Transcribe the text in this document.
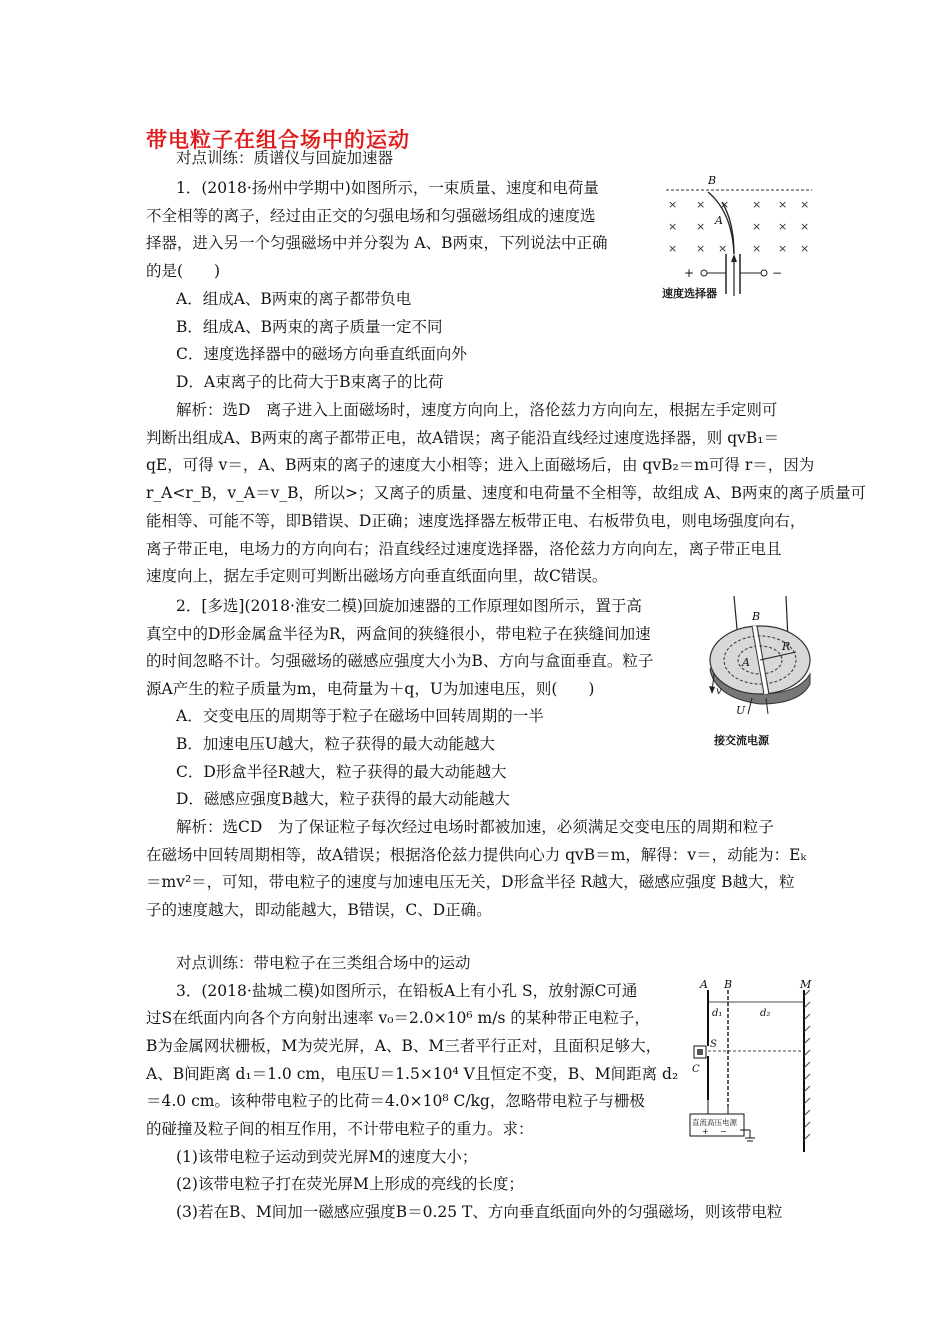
带电粒子在组合场中的运动
对点训练：质谱仪与回旋加速器
1．(2018·扬州中学期中)如图所示，一束质量、速度和电荷量
不全相等的离子，经过由正交的匀强电场和匀强磁场组成的速度选
择器，进入另一个匀强磁场中并分裂为 A、B两束，下列说法中正确
的是(　　)
A．组成A、B两束的离子都带负电
B．组成A、B两束的离子质量一定不同
C．速度选择器中的磁场方向垂直纸面向外
D．A束离子的比荷大于B束离子的比荷
解析：选D　离子进入上面磁场时，速度方向向上，洛伦兹力方向向左，根据左手定则可
判断出组成A、B两束的离子都带正电，故A错误；离子能沿直线经过速度选择器，则 qvB₁＝
qE，可得 v＝，A、B两束的离子的速度大小相等；进入上面磁场后，由 qvB₂＝m可得 r＝，因为
r_A<r_B，v_A＝v_B，所以>；又离子的质量、速度和电荷量不全相等，故组成 A、B两束的离子质量可
能相等、可能不等，即B错误、D正确；速度选择器左板带正电、右板带负电，则电场强度向右，
离子带正电，电场力的方向向右；沿直线经过速度选择器，洛伦兹力方向向左，离子带正电且
速度向上，据左手定则可判断出磁场方向垂直纸面向里，故C错误。
× × × × × ×
× ×	× × ×
× × × × × ×
B
A
+	−
速度选择器
2．[多选](2018·淮安二模)回旋加速器的工作原理如图所示，置于高
真空中的D形金属盒半径为R，两盒间的狭缝很小，带电粒子在狭缝间加速
的时间忽略不计。匀强磁场的磁感应强度大小为B、方向与盒面垂直。粒子
源A产生的粒子质量为m，电荷量为＋q，U为加速电压，则(　　)
A．交变电压的周期等于粒子在磁场中回转周期的一半
B．加速电压U越大，粒子获得的最大动能越大
C．D形盒半径R越大，粒子获得的最大动能越大
D．磁感应强度B越大，粒子获得的最大动能越大
解析：选CD　为了保证粒子每次经过电场时都被加速，必须满足交变电压的周期和粒子
在磁场中回转周期相等，故A错误；根据洛伦兹力提供向心力 qvB＝m，解得：v＝，动能为：Eₖ
＝mv²＝，可知，带电粒子的速度与加速电压无关，D形盒半径 R越大，磁感应强度 B越大，粒
子的速度越大，即动能越大，B错误，C、D正确。
B
A
R
v
U
接交流电源
对点训练：带电粒子在三类组合场中的运动
3．(2018·盐城二模)如图所示，在铅板A上有小孔 S，放射源C可通
过S在纸面内向各个方向射出速率 v₀＝2.0×10⁶ m/s 的某种带正电粒子，
B为金属网状栅板，M为荧光屏，A、B、M三者平行正对，且面积足够大，
A、B间距离 d₁＝1.0 cm，电压U＝1.5×10⁴ V且恒定不变，B、M间距离 d₂
＝4.0 cm。该种带电粒子的比荷＝4.0×10⁸ C/kg，忽略带电粒子与栅极
的碰撞及粒子间的相互作用，不计带电粒子的重力。求：
(1)该带电粒子运动到荧光屏M的速度大小；
(2)该带电粒子打在荧光屏M上形成的亮线的长度；
(3)若在B、M间加一磁感应强度B＝0.25 T、方向垂直纸面向外的匀强磁场，则该带电粒
A B	M
d₁	d₂
S
C
直流高压电源
+ −
